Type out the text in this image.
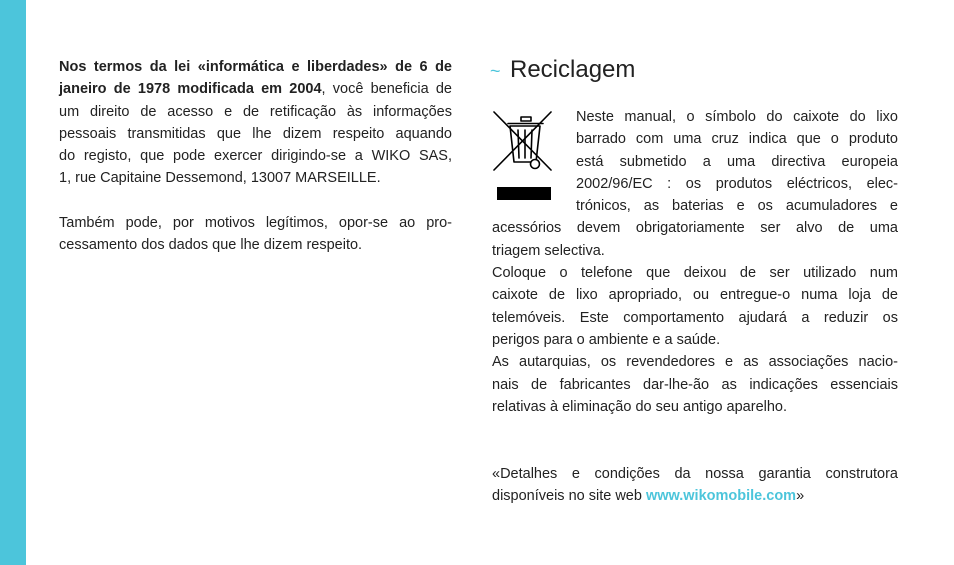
Nos termos da lei «informática e liberdades» de 6 de
janeiro de 1978 modificada em 2004, você beneficia de
um direito de acesso e de retificação às informações
pessoais transmitidas que lhe dizem respeito aquando
do registo, que pode exercer dirigindo-se a WIKO SAS,
1, rue Capitaine Dessemond, 13007 MARSEILLE.
Também pode, por motivos legítimos, opor-se ao pro-
cessamento dos dados que lhe dizem respeito.
~ Reciclagem
Neste manual, o símbolo do caixote do lixo
barrado com uma cruz indica que o produto
está submetido a uma directiva europeia
2002/96/EC : os produtos eléctricos, elec-
trónicos, as baterias e os acumuladores e
acessórios devem obrigatoriamente ser alvo de uma
triagem selectiva.
Coloque o telefone que deixou de ser utilizado num
caixote de lixo apropriado, ou entregue-o numa loja de
telemóveis. Este comportamento ajudará a reduzir os
perigos para o ambiente e a saúde.
As autarquias, os revendedores e as associações nacio-
nais de fabricantes dar-lhe-ão as indicações essenciais
relativas à eliminação do seu antigo aparelho.
«Detalhes e condições da nossa garantia construtora
disponíveis no site web www.wikomobile.com»
